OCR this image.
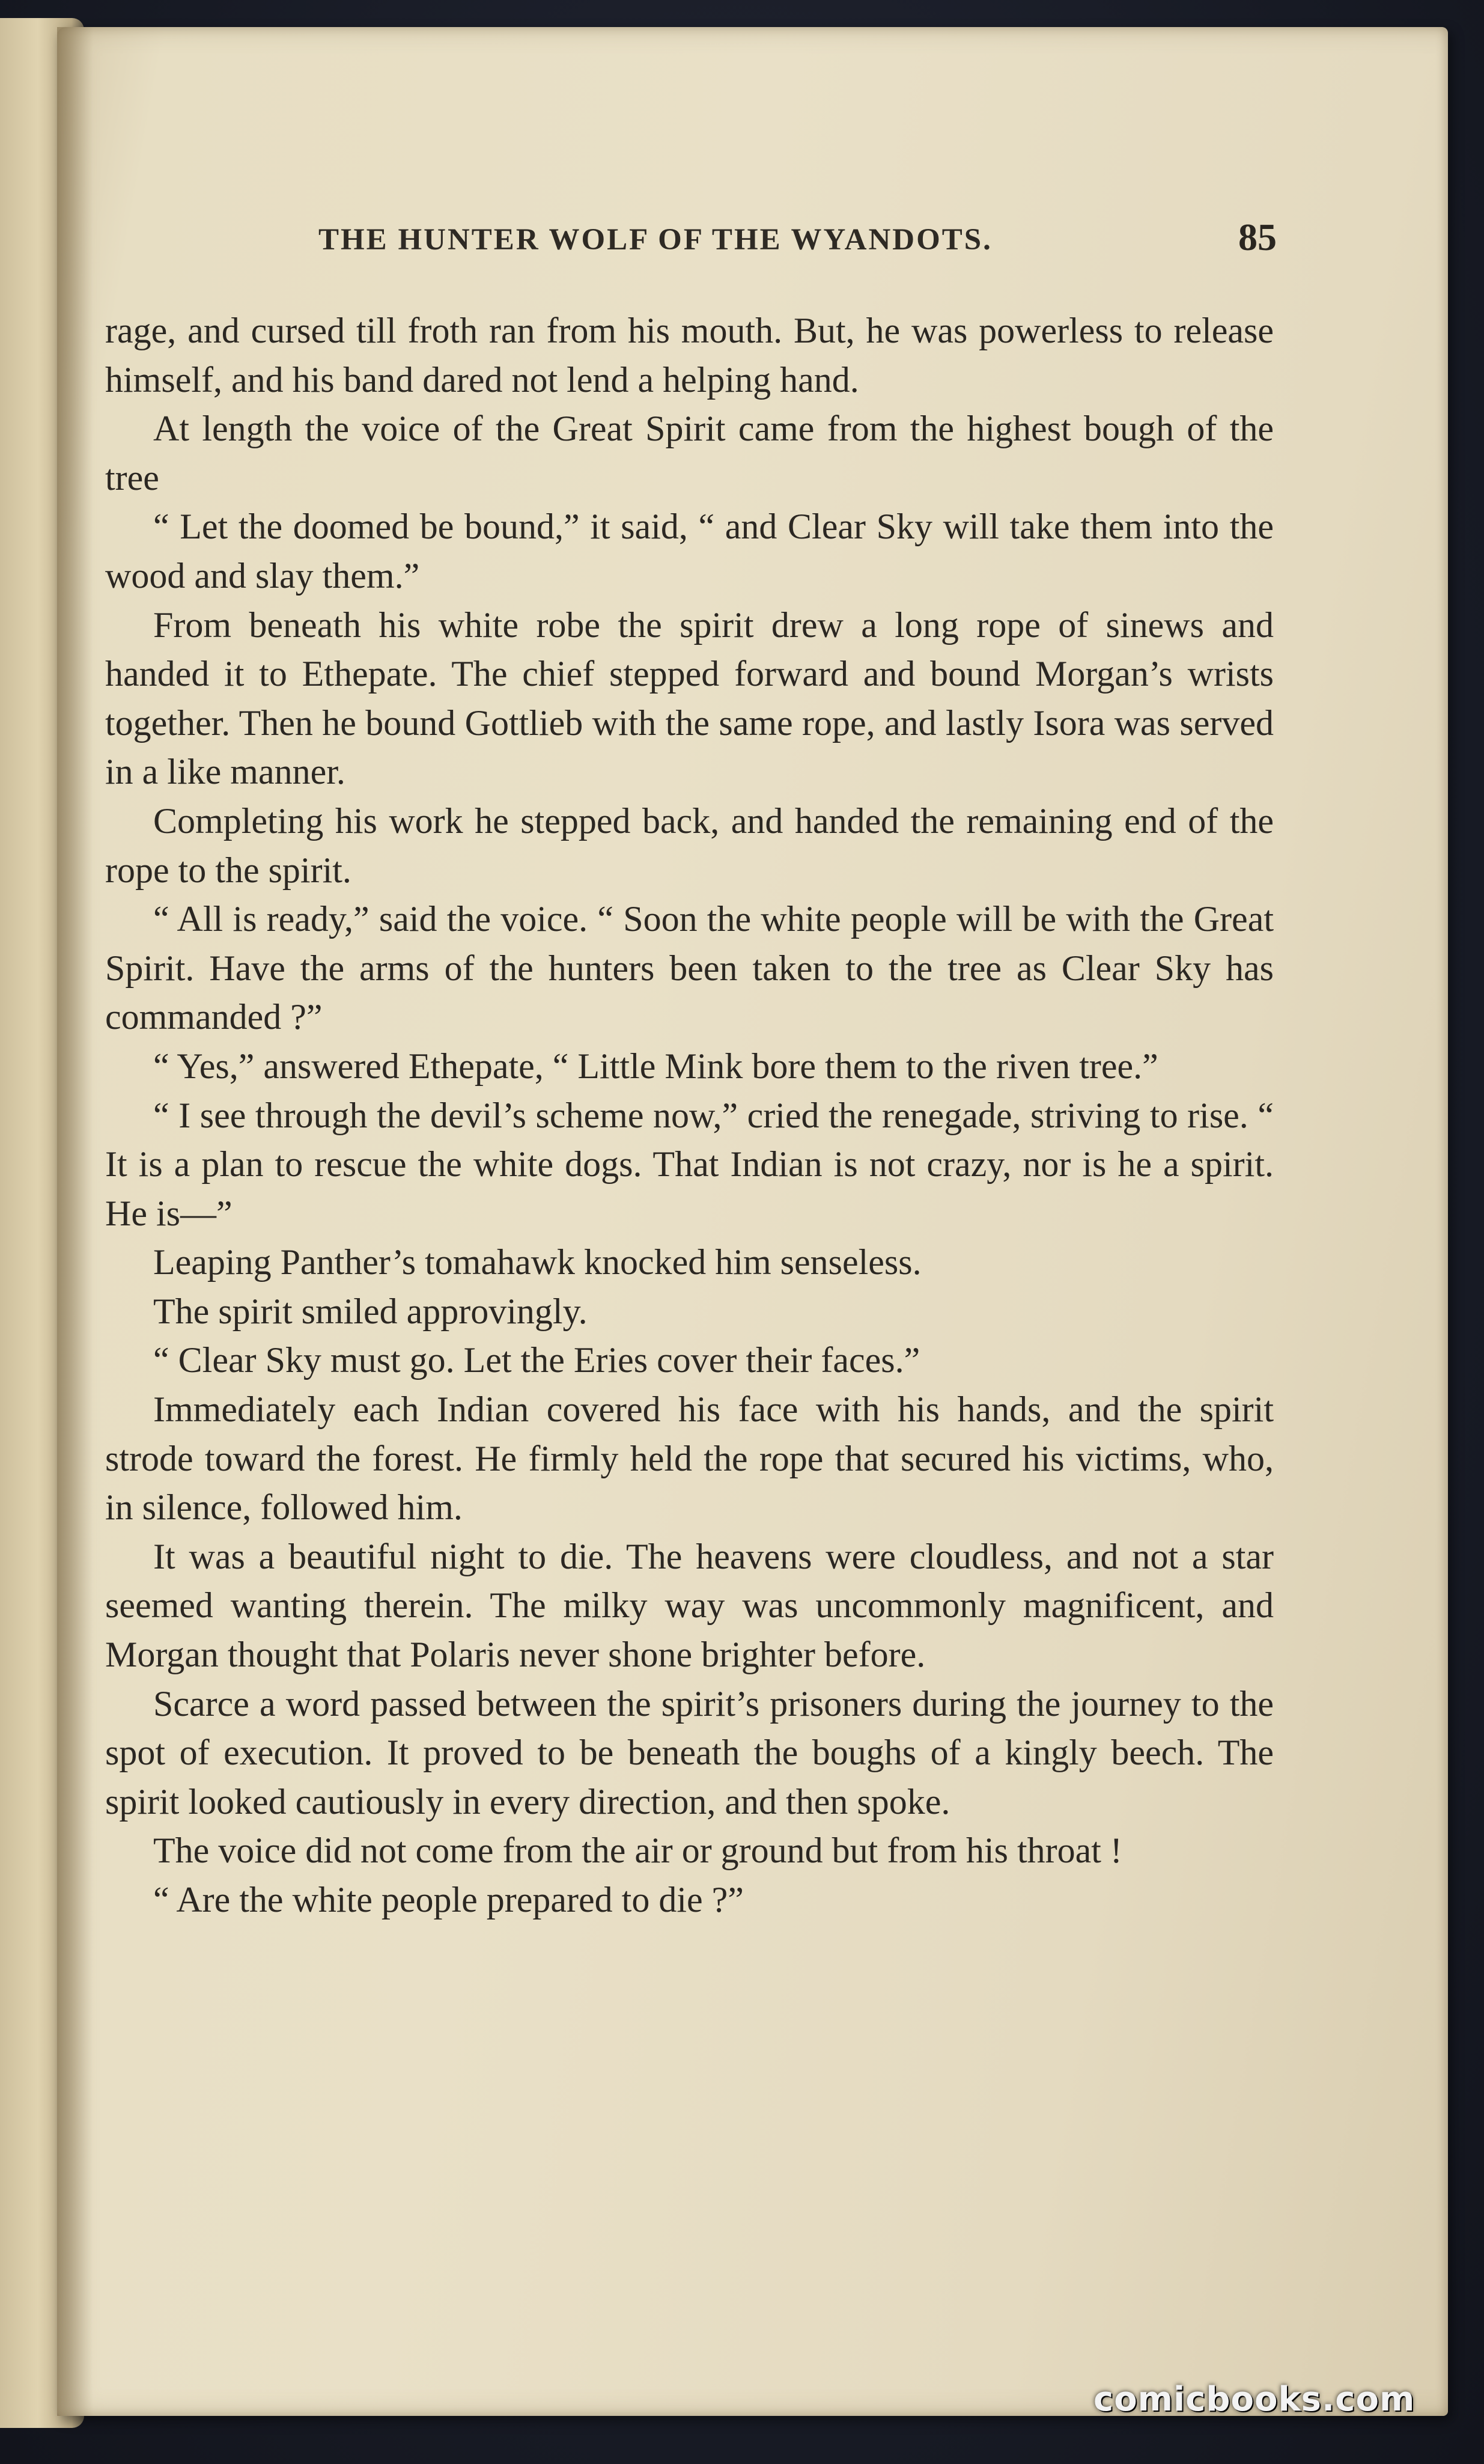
THE HUNTER WOLF OF THE WYANDOTS.	85

rage, and cursed till froth ran from his mouth. But, he was powerless to release himself, and his band dared not lend a helping hand.

At length the voice of the Great Spirit came from the highest bough of the tree

“ Let the doomed be bound,” it said, “ and Clear Sky will take them into the wood and slay them.”

From beneath his white robe the spirit drew a long rope of sinews and handed it to Ethepate. The chief stepped forward and bound Morgan’s wrists together. Then he bound Gottlieb with the same rope, and lastly Isora was served in a like manner.

Completing his work he stepped back, and handed the remaining end of the rope to the spirit.

“ All is ready,” said the voice. “ Soon the white people will be with the Great Spirit. Have the arms of the hunters been taken to the tree as Clear Sky has commanded ?”

“ Yes,” answered Ethepate, “ Little Mink bore them to the riven tree.”

“ I see through the devil’s scheme now,” cried the renegade, striving to rise. “ It is a plan to rescue the white dogs. That Indian is not crazy, nor is he a spirit. He is—”

Leaping Panther’s tomahawk knocked him senseless.

The spirit smiled approvingly.

“ Clear Sky must go. Let the Eries cover their faces.”

Immediately each Indian covered his face with his hands, and the spirit strode toward the forest. He firmly held the rope that secured his victims, who, in silence, followed him.

It was a beautiful night to die. The heavens were cloudless, and not a star seemed wanting therein. The milky way was uncommonly magnificent, and Morgan thought that Polaris never shone brighter before.

Scarce a word passed between the spirit’s prisoners during the journey to the spot of execution. It proved to be beneath the boughs of a kingly beech. The spirit looked cautiously in every direction, and then spoke.

The voice did not come from the air or ground but from his throat !

“ Are the white people prepared to die ?”

comicbooks.com
